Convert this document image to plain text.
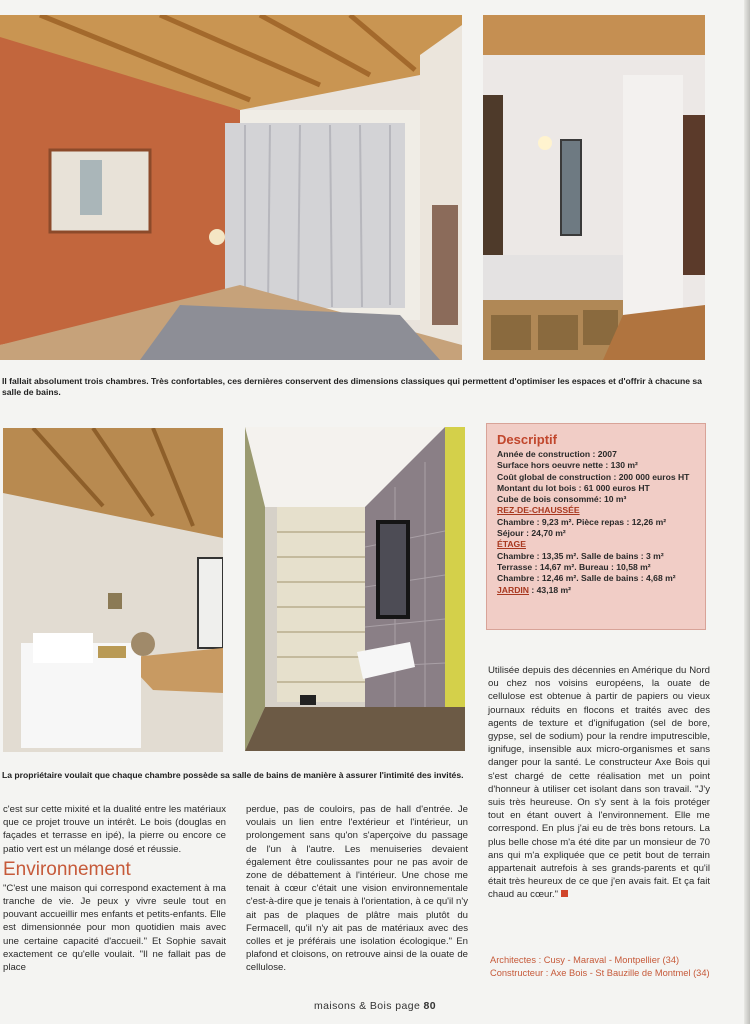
Il fallait absolument trois chambres. Très confortables, ces dernières conservent des dimensions classiques qui permettent d'optimiser les espaces et d'offrir à chacune sa salle de bains.
Descriptif
Année de construction : 2007
Surface hors oeuvre nette : 130 m²
Coût global de construction : 200 000 euros HT
Montant du lot bois : 61 000 euros HT
Cube de bois consommé: 10 m³
REZ-DE-CHAUSSÉE
Chambre : 9,23 m². Pièce repas : 12,26 m²
Séjour : 24,70 m²
ÉTAGE
Chambre : 13,35 m². Salle de bains : 3 m²
Terrasse : 14,67 m². Bureau : 10,58 m²
Chambre : 12,46 m². Salle de bains : 4,68 m²
JARDIN : 43,18 m²

Utilisée depuis des décennies en Amérique du Nord ou chez nos voisins européens, la ouate de cellulose est obtenue à partir de papiers ou vieux journaux réduits en flocons et traités avec des agents de texture et d'ignifugation (sel de bore, gypse, sel de sodium) pour la rendre imputrescible, ignifuge, insensible aux micro-organismes et sans danger pour la santé. Le constructeur Axe Bois qui s'est chargé de cette réalisation met un point d'honneur à utiliser cet isolant dans son travail. "J'y suis très heureuse. On s'y sent à la fois protéger tout en étant ouvert à l'environnement. Elle me correspond. En plus j'ai eu de très bons retours. La plus belle chose m'a été dite par un monsieur de 70 ans qui m'a expliquée que ce petit bout de terrain appartenait autrefois à ses grands-parents et qu'il était très heureux de ce que j'en avais fait. Et ça fait chaud au cœur."

La propriétaire voulait que chaque chambre possède sa salle de bains de manière à assurer l'intimité des invités.

c'est sur cette mixité et la dualité entre les matériaux que ce projet trouve un intérêt. Le bois (douglas en façades et terrasse en ipé), la pierre ou encore ce patio vert est un mélange dosé et réussie.

Environnement

"C'est une maison qui correspond exactement à ma tranche de vie. Je peux y vivre seule tout en pouvant accueillir mes enfants et petits-enfants. Elle est dimensionnée pour mon quotidien mais avec une certaine capacité d'accueil." Et Sophie savait exactement ce qu'elle voulait. "Il ne fallait pas de place

perdue, pas de couloirs, pas de hall d'entrée. Je voulais un lien entre l'extérieur et l'intérieur, un prolongement sans qu'on s'aperçoive du passage de l'un à l'autre. Les menuiseries devaient également être coulissantes pour ne pas avoir de zone de débattement à l'intérieur. Une chose me tenait à cœur c'était une vision environnementale c'est-à-dire que je tenais à l'orientation, à ce qu'il n'y ait pas de plaques de plâtre mais plutôt du Fermacell, qu'il n'y ait pas de matériaux avec des colles et je préférais une isolation écologique." En plafond et cloisons, on retrouve ainsi de la ouate de cellulose.

Architectes : Cusy - Maraval - Montpellier (34)
Constructeur : Axe Bois - St Bauzille de Montmel (34)
maisons & Bois page 80
